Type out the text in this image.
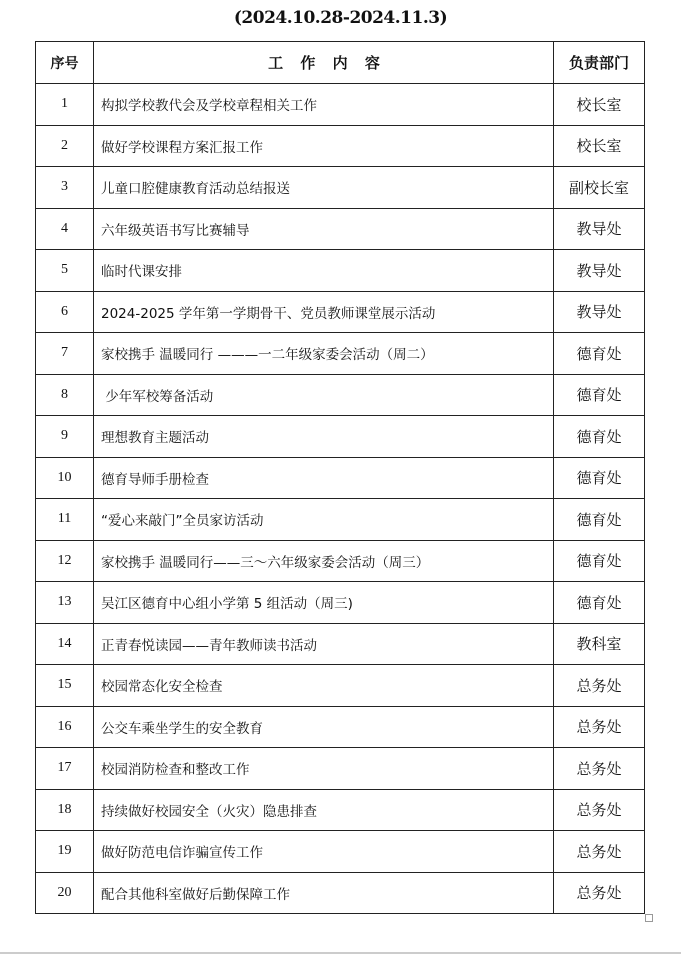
(2024.10.28-2024.11.3)
序号	工 作 内 容	负责部门
1	构拟学校教代会及学校章程相关工作	校长室
2	做好学校课程方案汇报工作	校长室
3	儿童口腔健康教育活动总结报送	副校长室
4	六年级英语书写比赛辅导	教导处
5	临时代课安排	教导处
6	2024-2025 学年第一学期骨干、党员教师课堂展示活动	教导处
7	家校携手 温暖同行 ———一二年级家委会活动（周二）	德育处
8	少年军校筹备活动	德育处
9	理想教育主题活动	德育处
10	德育导师手册检查	德育处
11	“爱心来敲门”全员家访活动	德育处
12	家校携手 温暖同行——三～六年级家委会活动（周三）	德育处
13	吴江区德育中心组小学第 5 组活动（周三)	德育处
14	正青春悦读园——青年教师读书活动	教科室
15	校园常态化安全检查	总务处
16	公交车乘坐学生的安全教育	总务处
17	校园消防检查和整改工作	总务处
18	持续做好校园安全（火灾）隐患排查	总务处
19	做好防范电信诈骗宣传工作	总务处
20	配合其他科室做好后勤保障工作	总务处
